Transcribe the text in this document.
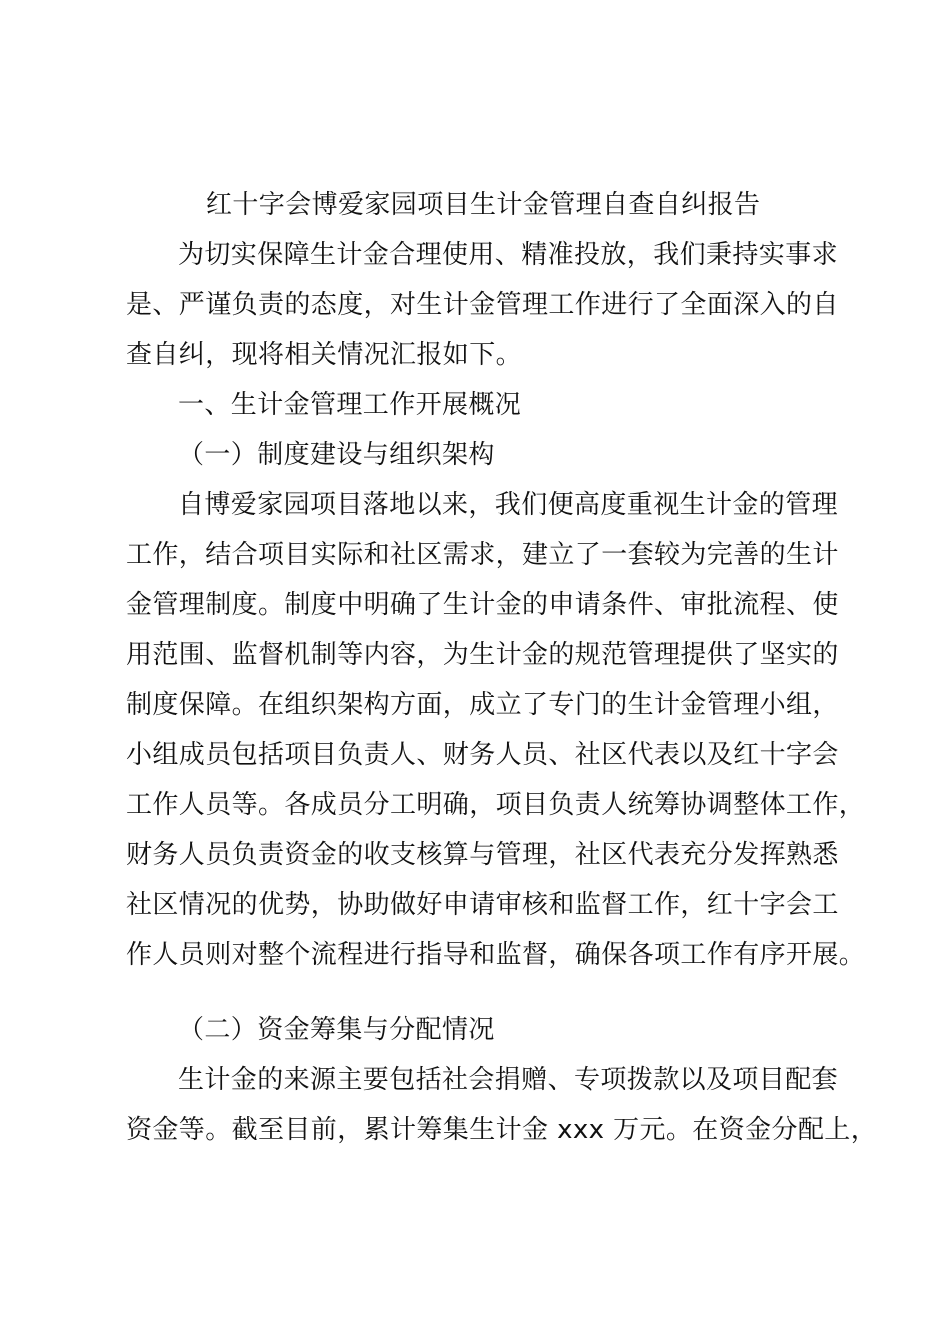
红十字会博爱家园项目生计金管理自查自纠报告
为切实保障生计金合理使用、精准投放，我们秉持实事求
是、严谨负责的态度，对生计金管理工作进行了全面深入的自
查自纠，现将相关情况汇报如下。
一、生计金管理工作开展概况
（一）制度建设与组织架构
自博爱家园项目落地以来，我们便高度重视生计金的管理
工作，结合项目实际和社区需求，建立了一套较为完善的生计
金管理制度。制度中明确了生计金的申请条件、审批流程、使
用范围、监督机制等内容，为生计金的规范管理提供了坚实的
制度保障。在组织架构方面，成立了专门的生计金管理小组，
小组成员包括项目负责人、财务人员、社区代表以及红十字会
工作人员等。各成员分工明确，项目负责人统筹协调整体工作，
财务人员负责资金的收支核算与管理，社区代表充分发挥熟悉
社区情况的优势，协助做好申请审核和监督工作，红十字会工
作人员则对整个流程进行指导和监督，确保各项工作有序开展。
（二）资金筹集与分配情况
生计金的来源主要包括社会捐赠、专项拨款以及项目配套
资金等。截至目前，累计筹集生计金 xxx 万元。在资金分配上，
